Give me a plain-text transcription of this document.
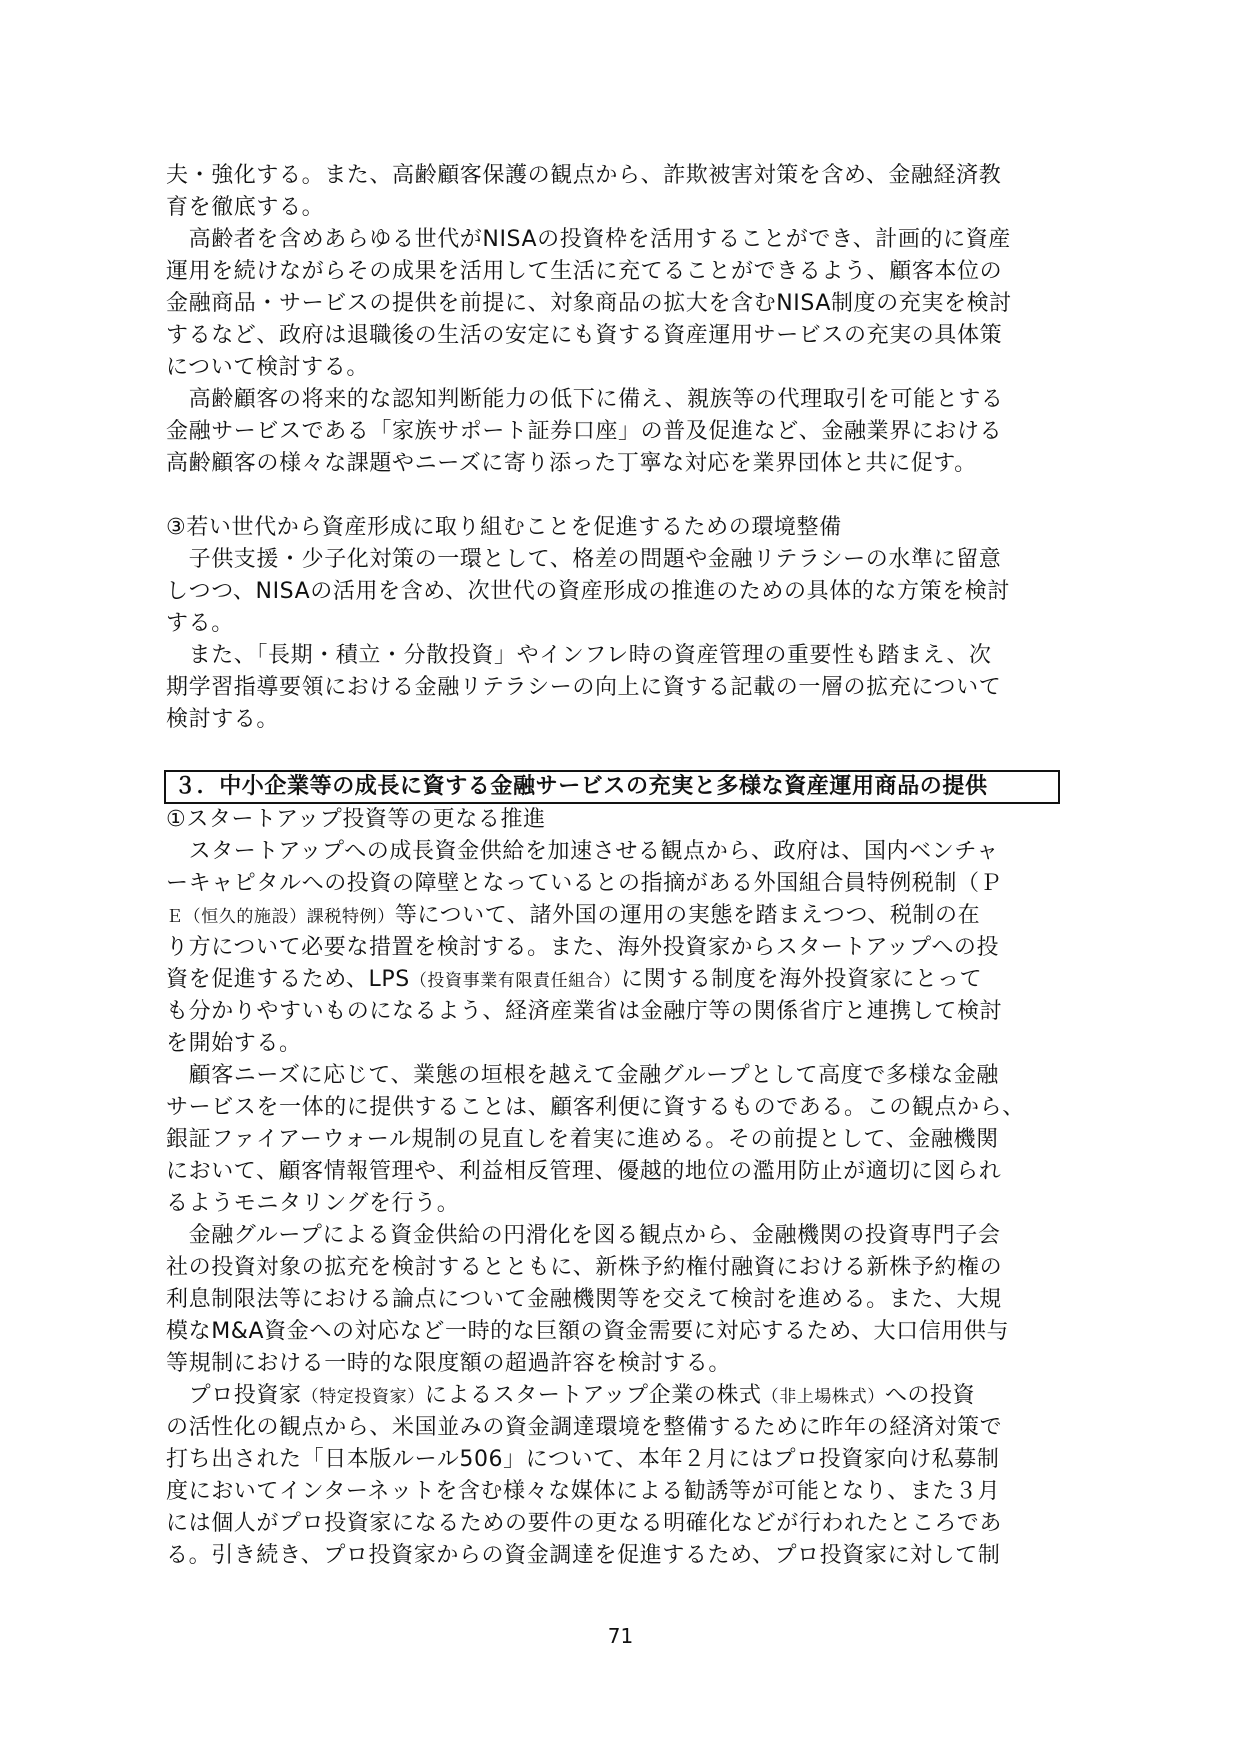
夫・強化する。また、高齢顧客保護の観点から、詐欺被害対策を含め、金融経済教
育を徹底する。
　高齢者を含めあらゆる世代がNISAの投資枠を活用することができ、計画的に資産
運用を続けながらその成果を活用して生活に充てることができるよう、顧客本位の
金融商品・サービスの提供を前提に、対象商品の拡大を含むNISA制度の充実を検討
するなど、政府は退職後の生活の安定にも資する資産運用サービスの充実の具体策
について検討する。
　高齢顧客の将来的な認知判断能力の低下に備え、親族等の代理取引を可能とする
金融サービスである「家族サポート証券口座」の普及促進など、金融業界における
高齢顧客の様々な課題やニーズに寄り添った丁寧な対応を業界団体と共に促す。
③若い世代から資産形成に取り組むことを促進するための環境整備
　子供支援・少子化対策の一環として、格差の問題や金融リテラシーの水準に留意
しつつ、NISAの活用を含め、次世代の資産形成の推進のための具体的な方策を検討
する。
　また、「長期・積立・分散投資」やインフレ時の資産管理の重要性も踏まえ、次
期学習指導要領における金融リテラシーの向上に資する記載の一層の拡充について
検討する。
３．中小企業等の成長に資する金融サービスの充実と多様な資産運用商品の提供
①スタートアップ投資等の更なる推進
　スタートアップへの成長資金供給を加速させる観点から、政府は、国内ベンチャ
ーキャピタルへの投資の障壁となっているとの指摘がある外国組合員特例税制（Ｐ
Ｅ（恒久的施設）課税特例）等について、諸外国の運用の実態を踏まえつつ、税制の在
り方について必要な措置を検討する。また、海外投資家からスタートアップへの投
資を促進するため、LPS（投資事業有限責任組合）に関する制度を海外投資家にとって
も分かりやすいものになるよう、経済産業省は金融庁等の関係省庁と連携して検討
を開始する。
　顧客ニーズに応じて、業態の垣根を越えて金融グループとして高度で多様な金融
サービスを一体的に提供することは、顧客利便に資するものである。この観点から、
銀証ファイアーウォール規制の見直しを着実に進める。その前提として、金融機関
において、顧客情報管理や、利益相反管理、優越的地位の濫用防止が適切に図られ
るようモニタリングを行う。
　金融グループによる資金供給の円滑化を図る観点から、金融機関の投資専門子会
社の投資対象の拡充を検討するとともに、新株予約権付融資における新株予約権の
利息制限法等における論点について金融機関等を交えて検討を進める。また、大規
模なM&A資金への対応など一時的な巨額の資金需要に対応するため、大口信用供与
等規制における一時的な限度額の超過許容を検討する。
　プロ投資家（特定投資家）によるスタートアップ企業の株式（非上場株式）への投資
の活性化の観点から、米国並みの資金調達環境を整備するために昨年の経済対策で
打ち出された「日本版ルール506」について、本年２月にはプロ投資家向け私募制
度においてインターネットを含む様々な媒体による勧誘等が可能となり、また３月
には個人がプロ投資家になるための要件の更なる明確化などが行われたところであ
る。引き続き、プロ投資家からの資金調達を促進するため、プロ投資家に対して制
71
